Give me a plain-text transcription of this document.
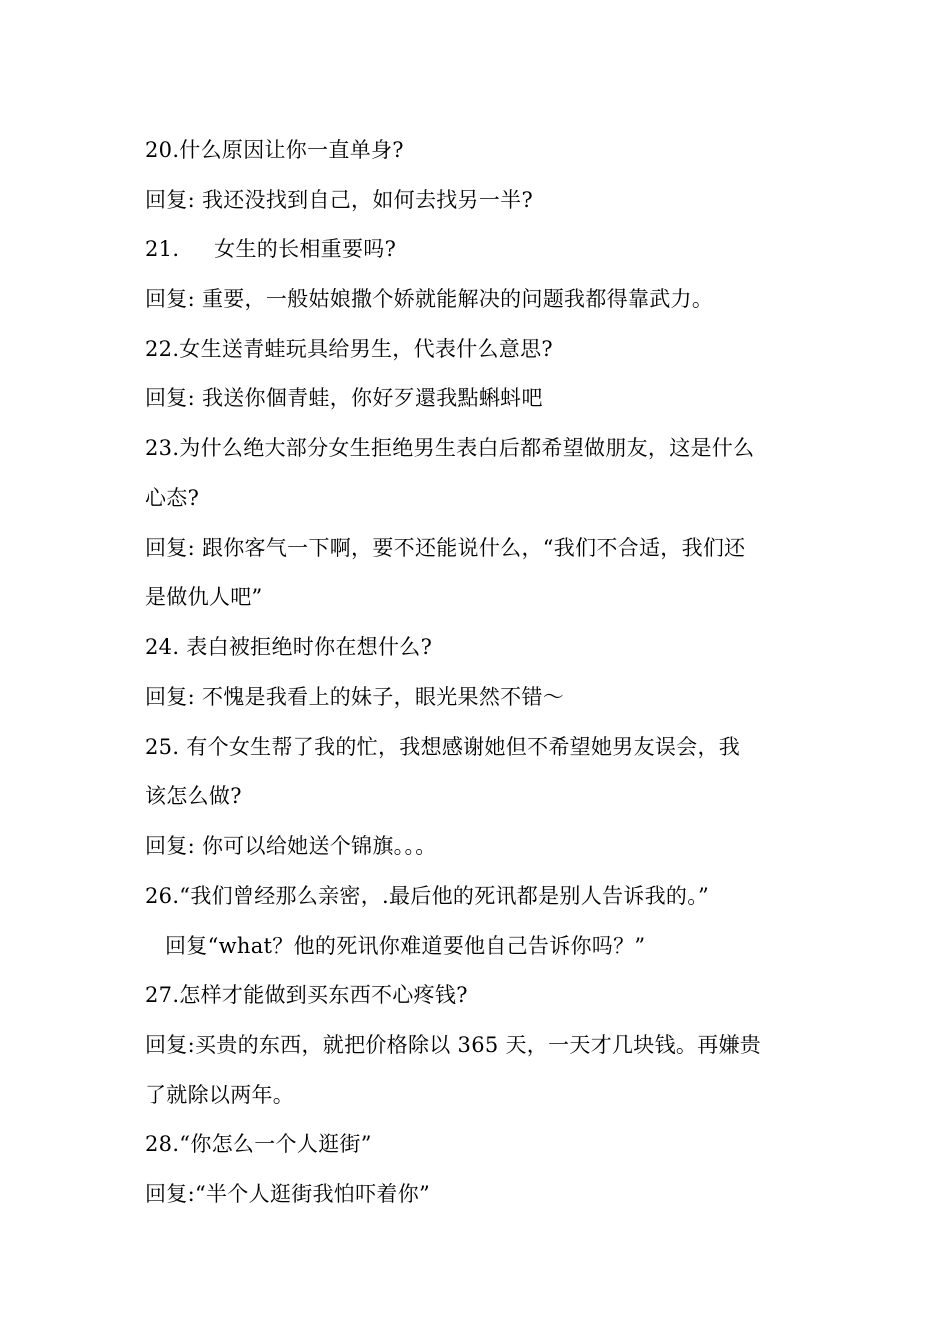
20.什么原因让你一直单身?
回复: 我还没找到自己，如何去找另一半?
21.     女生的长相重要吗?
回复: 重要，一般姑娘撒个娇就能解决的问题我都得靠武力。
22.女生送青蛙玩具给男生，代表什么意思?
回复: 我送你個青蛙，你好歹還我點蝌蚪吧
23.为什么绝大部分女生拒绝男生表白后都希望做朋友，这是什么
心态?
回复: 跟你客气一下啊，要不还能说什么，“我们不合适，我们还
是做仇人吧”
24. 表白被拒绝时你在想什么?
回复: 不愧是我看上的妹子，眼光果然不错～
25. 有个女生帮了我的忙，我想感谢她但不希望她男友误会，我
该怎么做?
回复: 你可以给她送个锦旗。。。
26.“我们曾经那么亲密，.最后他的死讯都是别人告诉我的。”
回复“what？他的死讯你难道要他自己告诉你吗？”
27.怎样才能做到买东西不心疼钱?
回复:买贵的东西，就把价格除以 365 天，一天才几块钱。再嫌贵
了就除以两年。
28.“你怎么一个人逛街”
回复:“半个人逛街我怕吓着你”
